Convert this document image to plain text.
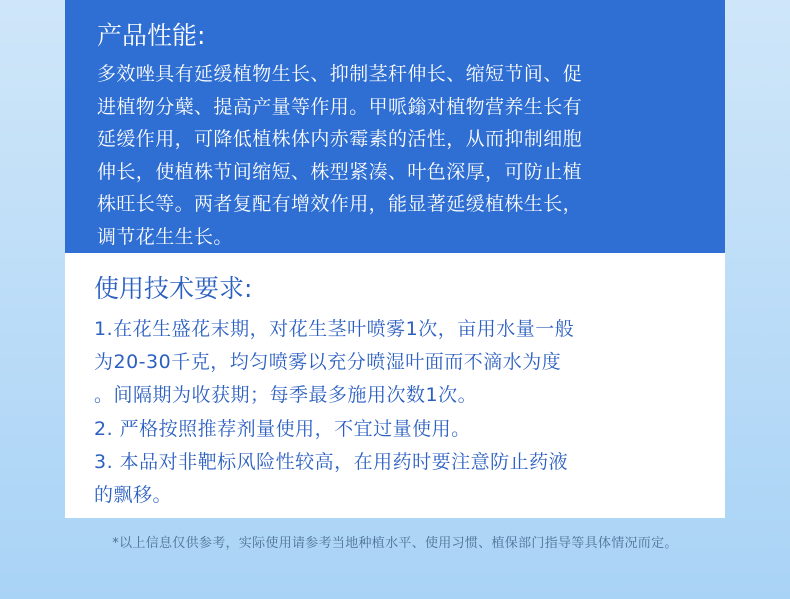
产品性能:

多效唑具有延缓植物生长、抑制茎秆伸长、缩短节间、促

进植物分蘖、提高产量等作用。甲哌鎓对植物营养生长有

延缓作用，可降低植株体内赤霉素的活性，从而抑制细胞

伸长，使植株节间缩短、株型紧凑、叶色深厚，可防止植

株旺长等。两者复配有增效作用，能显著延缓植株生长，

调节花生生长。

使用技术要求:

1.在花生盛花末期，对花生茎叶喷雾1次，亩用水量一般

为20-30千克，均匀喷雾以充分喷湿叶面而不滴水为度

。间隔期为收获期；每季最多施用次数1次。

2. 严格按照推荐剂量使用，不宜过量使用。

3. 本品对非靶标风险性较高，在用药时要注意防止药液

的飘移。

*以上信息仅供参考，实际使用请参考当地种植水平、使用习惯、植保部门指导等具体情况而定。
